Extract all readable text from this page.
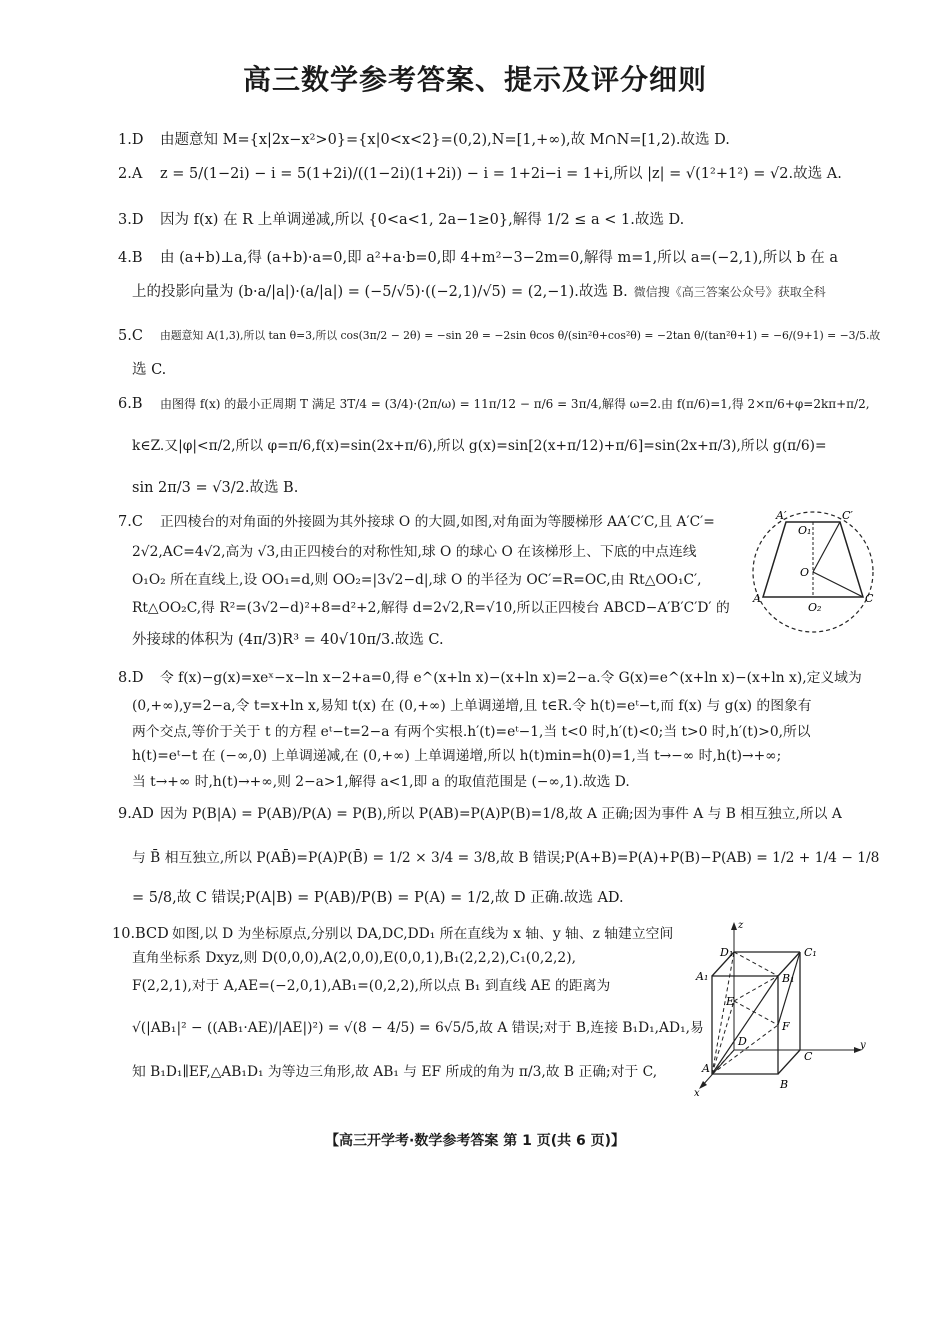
高三数学参考答案、提示及评分细则
1.D 由题意知 M={x|2x−x²>0}={x|0<x<2}=(0,2),N=[1,+∞),故 M∩N=[1,2).故选 D.
2.A z = 5/(1−2i) − i = 5(1+2i)/((1−2i)(1+2i)) − i = 1+2i−i = 1+i,所以 |z| = √(1²+1²) = √2.故选 A.
3.D 因为 f(x) 在 R 上单调递减,所以 {0<a<1, 2a−1≥0},解得 1/2 ≤ a < 1.故选 D.
4.B 由 (a+b)⊥a,得 (a+b)·a=0,即 a²+a·b=0,即 4+m²−3−2m=0,解得 m=1,所以 a=(−2,1),所以 b 在 a
上的投影向量为 (b·a/|a|)·(a/|a|) = (−5/√5)·((−2,1)/√5) = (2,−1).故选 B. 微信搜《高三答案公众号》获取全科
5.C 由题意知 A(1,3),所以 tan θ=3,所以 cos(3π/2 − 2θ) = −sin 2θ = −2sin θcos θ/(sin²θ+cos²θ) = −2tan θ/(tan²θ+1) = −6/(9+1) = −3/5.故
选 C.
6.B 由图得 f(x) 的最小正周期 T 满足 3T/4 = (3/4)·(2π/ω) = 11π/12 − π/6 = 3π/4,解得 ω=2.由 f(π/6)=1,得 2×π/6+φ=2kπ+π/2,
k∈Z.又|φ|<π/2,所以 φ=π/6,f(x)=sin(2x+π/6),所以 g(x)=sin[2(x+π/12)+π/6]=sin(2x+π/3),所以 g(π/6)=
sin 2π/3 = √3/2.故选 B.
7.C 正四棱台的对角面的外接圆为其外接球 O 的大圆,如图,对角面为等腰梯形 AA′C′C,且 A′C′=
2√2,AC=4√2,高为 √3,由正四棱台的对称性知,球 O 的球心 O 在该梯形上、下底的中点连线
O₁O₂ 所在直线上,设 OO₁=d,则 OO₂=|3√2−d|,球 O 的半径为 OC′=R=OC,由 Rt△OO₁C′,
Rt△OO₂C,得 R²=(3√2−d)²+8=d²+2,解得 d=2√2,R=√10,所以正四棱台 ABCD−A′B′C′D′ 的
外接球的体积为 (4π/3)R³ = 40√10π/3.故选 C.
A′	C′
O₁
O
A	C
O₂
8.D 令 f(x)−g(x)=xeˣ−x−ln x−2+a=0,得 e^(x+ln x)−(x+ln x)=2−a.令 G(x)=e^(x+ln x)−(x+ln x),定义域为
(0,+∞),y=2−a,令 t=x+ln x,易知 t(x) 在 (0,+∞) 上单调递增,且 t∈R.令 h(t)=eᵗ−t,而 f(x) 与 g(x) 的图象有
两个交点,等价于关于 t 的方程 eᵗ−t=2−a 有两个实根.h′(t)=eᵗ−1,当 t<0 时,h′(t)<0;当 t>0 时,h′(t)>0,所以
h(t)=eᵗ−t 在 (−∞,0) 上单调递减,在 (0,+∞) 上单调递增,所以 h(t)min=h(0)=1,当 t→−∞ 时,h(t)→+∞;
当 t→+∞ 时,h(t)→+∞,则 2−a>1,解得 a<1,即 a 的取值范围是 (−∞,1).故选 D.
9.AD 因为 P(B|A) = P(AB)/P(A) = P(B),所以 P(AB)=P(A)P(B)=1/8,故 A 正确;因为事件 A 与 B 相互独立,所以 A
与 B̄ 相互独立,所以 P(AB̄)=P(A)P(B̄) = 1/2 × 3/4 = 3/8,故 B 错误;P(A+B)=P(A)+P(B)−P(AB) = 1/2 + 1/4 − 1/8
= 5/8,故 C 错误;P(A|B) = P(AB)/P(B) = P(A) = 1/2,故 D 正确.故选 AD.
10.BCD 如图,以 D 为坐标原点,分别以 DA,DC,DD₁ 所在直线为 x 轴、y 轴、z 轴建立空间
直角坐标系 Dxyz,则 D(0,0,0),A(2,0,0),E(0,0,1),B₁(2,2,2),C₁(0,2,2),
F(2,2,1),对于 A,AE=(−2,0,1),AB₁=(0,2,2),所以点 B₁ 到直线 AE 的距离为
√(|AB₁|² − ((AB₁·AE)/|AE|)²) = √(8 − 4/5) = 6√5/5,故 A 错误;对于 B,连接 B₁D₁,AD₁,易
知 B₁D₁∥EF,△AB₁D₁ 为等边三角形,故 AB₁ 与 EF 所成的角为 π/3,故 B 正确;对于 C,
z
D₁	C₁
A₁
E
B₁
F
D
C
A
B
x
y
【高三开学考·数学参考答案 第 1 页(共 6 页)】
